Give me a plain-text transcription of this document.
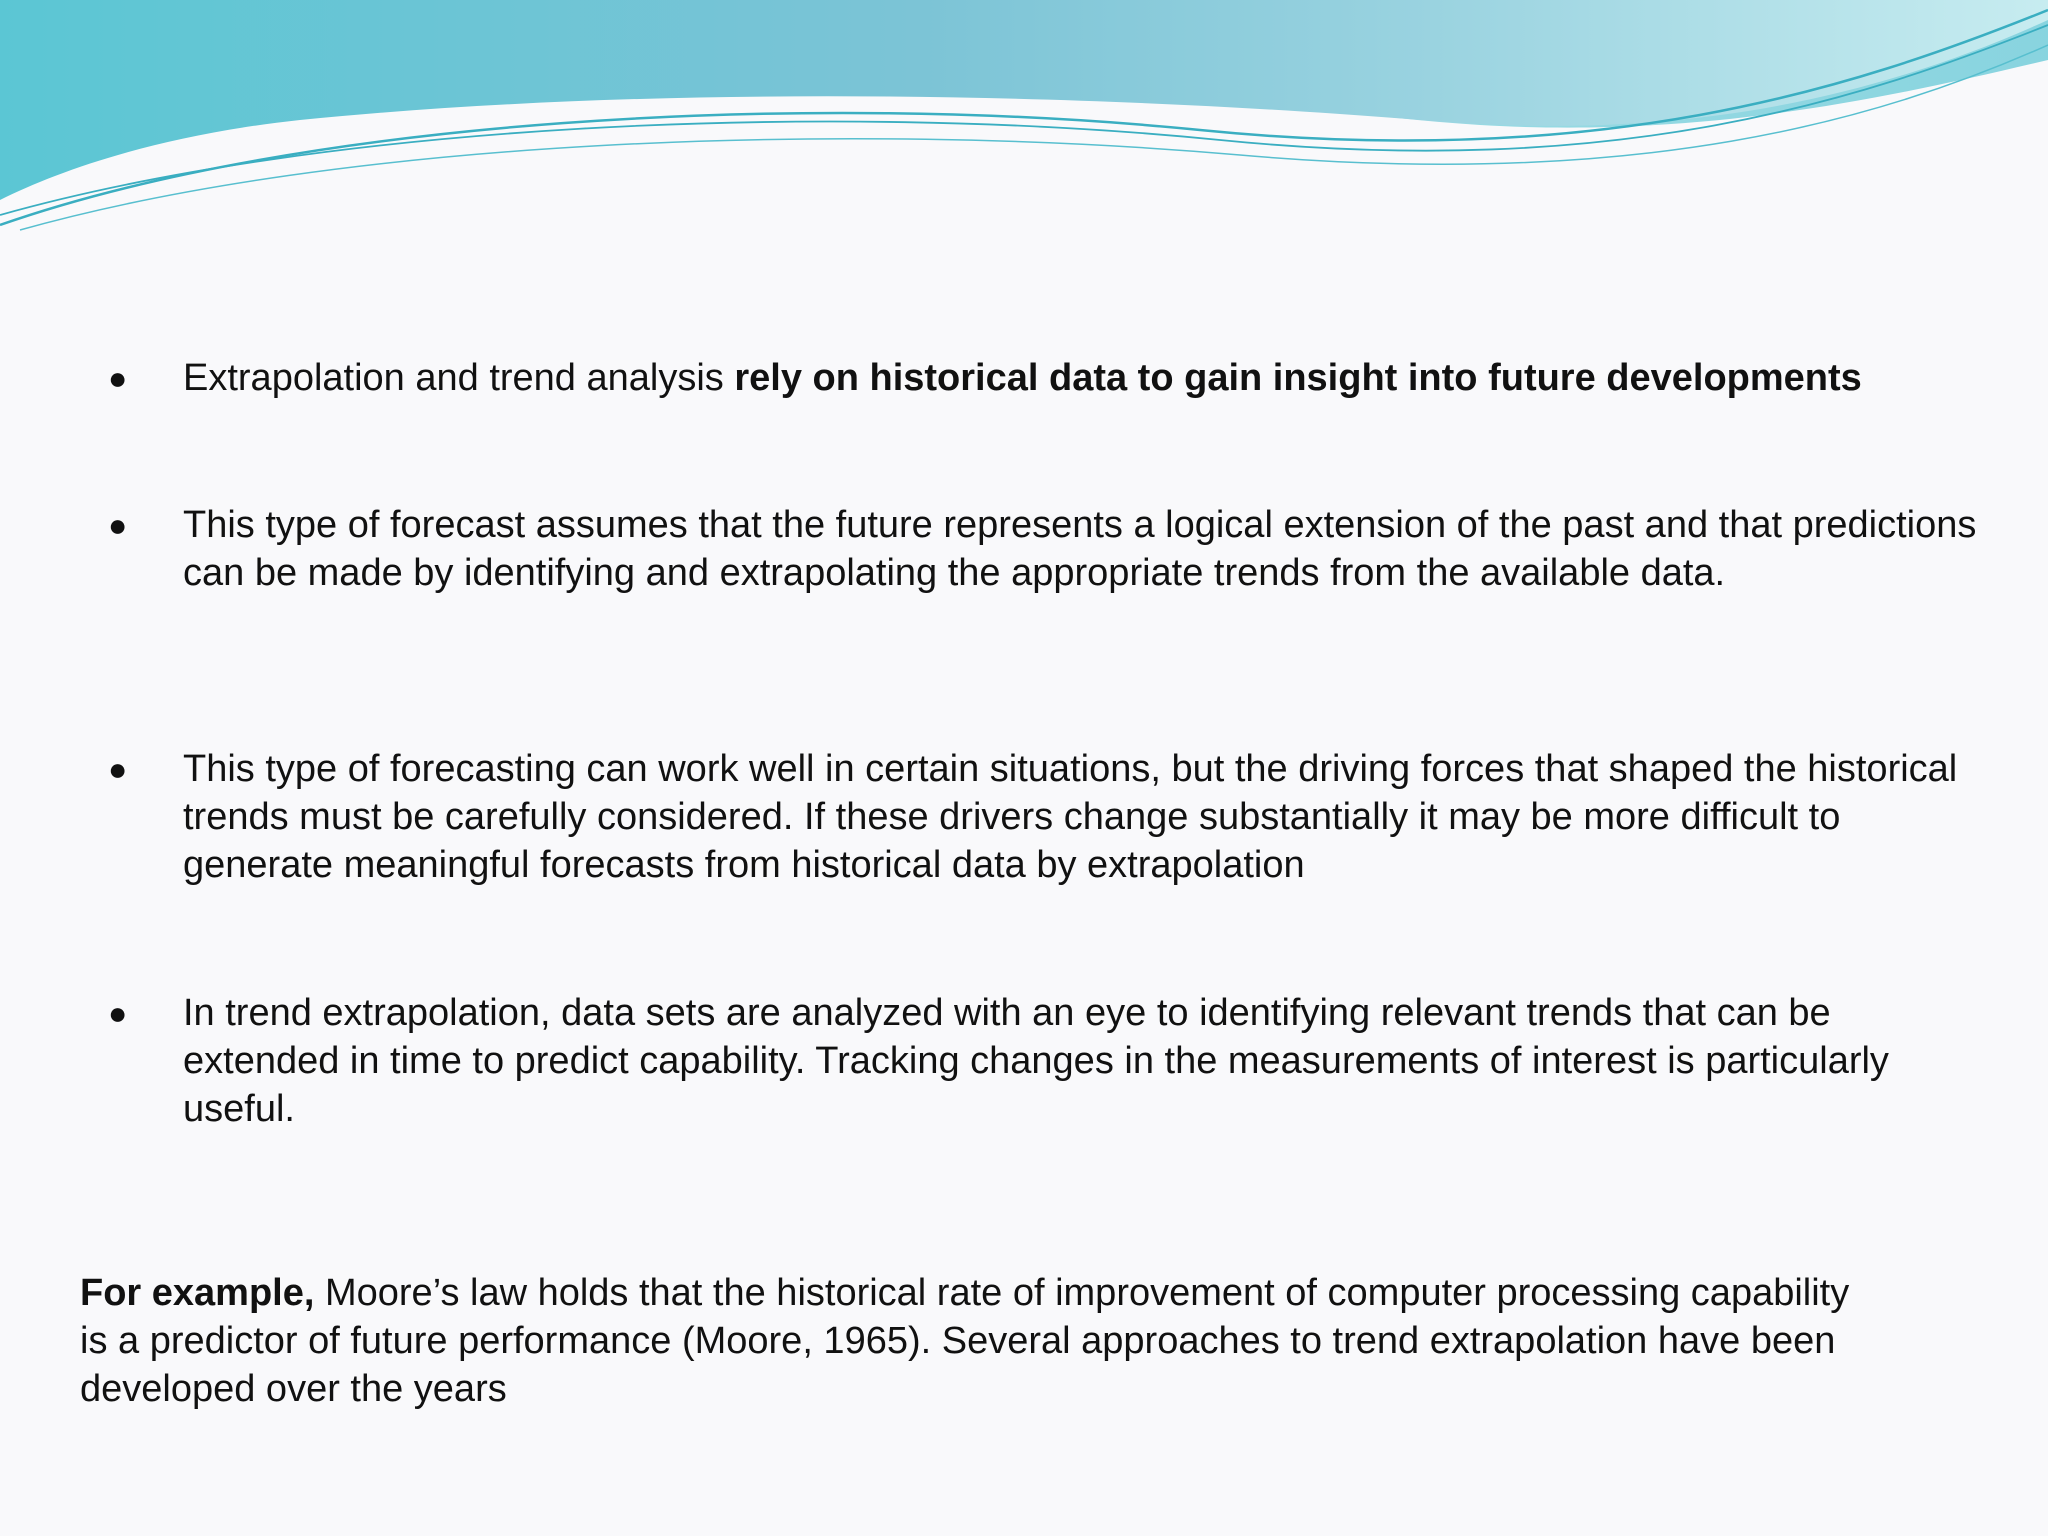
● Extrapolation and trend analysis rely on historical data to gain insight into future developments
● This type of forecast assumes that the future represents a logical extension of the past and that predictions can be made by identifying and extrapolating the appropriate trends from the available data.
● This type of forecasting can work well in certain situations, but the driving forces that shaped the historical trends must be carefully considered. If these drivers change substantially it may be more difficult to generate meaningful forecasts from historical data by extrapolation
● In trend extrapolation, data sets are analyzed with an eye to identifying relevant trends that can be extended in time to predict capability. Tracking changes in the measurements of interest is particularly useful.

For example, Moore’s law holds that the historical rate of improvement of computer processing capability is a predictor of future performance (Moore, 1965). Several approaches to trend extrapolation have been developed over the years
